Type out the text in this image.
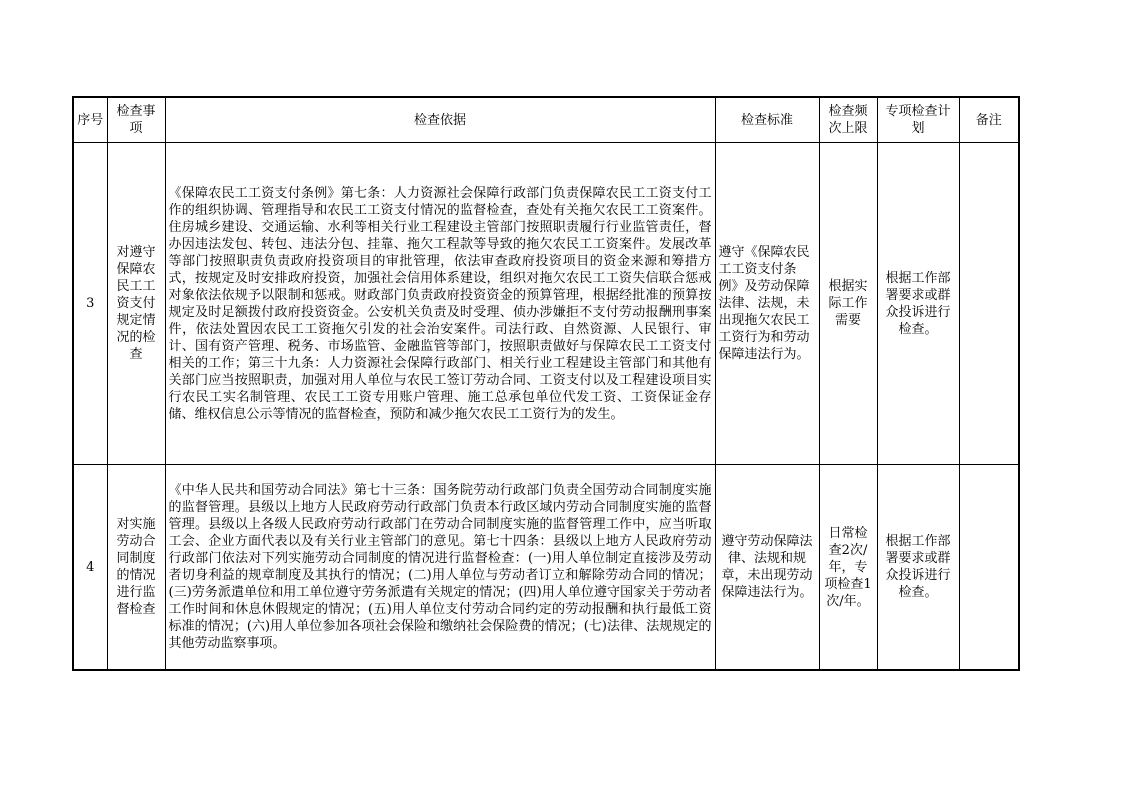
序号	检查事项	检查依据	检查标准	检查频次上限	专项检查计划	备注
3	对遵守保障农民工工资支付规定情况的检查	《保障农民工工资支付条例》第七条：人力资源社会保障行政部门负责保障农民工工资支付工作的组织协调、管理指导和农民工工资支付情况的监督检查，查处有关拖欠农民工工资案件。住房城乡建设、交通运输、水利等相关行业工程建设主管部门按照职责履行行业监管责任，督办因违法发包、转包、违法分包、挂靠、拖欠工程款等导致的拖欠农民工工资案件。发展改革等部门按照职责负责政府投资项目的审批管理，依法审查政府投资项目的资金来源和筹措方式，按规定及时安排政府投资，加强社会信用体系建设，组织对拖欠农民工工资失信联合惩戒对象依法依规予以限制和惩戒。财政部门负责政府投资资金的预算管理，根据经批准的预算按规定及时足额拨付政府投资资金。公安机关负责及时受理、侦办涉嫌拒不支付劳动报酬刑事案件，依法处置因农民工工资拖欠引发的社会治安案件。司法行政、自然资源、人民银行、审计、国有资产管理、税务、市场监管、金融监管等部门，按照职责做好与保障农民工工资支付相关的工作；第三十九条：人力资源社会保障行政部门、相关行业工程建设主管部门和其他有关部门应当按照职责，加强对用人单位与农民工签订劳动合同、工资支付以及工程建设项目实行农民工实名制管理、农民工工资专用账户管理、施工总承包单位代发工资、工资保证金存储、维权信息公示等情况的监督检查，预防和减少拖欠农民工工资行为的发生。	遵守《保障农民工工资支付条例》及劳动保障法律、法规，未出现拖欠农民工工资行为和劳动保障违法行为。	根据实际工作需要	根据工作部署要求或群众投诉进行检查。	
4	对实施劳动合同制度的情况进行监督检查	《中华人民共和国劳动合同法》第七十三条：国务院劳动行政部门负责全国劳动合同制度实施的监督管理。县级以上地方人民政府劳动行政部门负责本行政区域内劳动合同制度实施的监督管理。县级以上各级人民政府劳动行政部门在劳动合同制度实施的监督管理工作中，应当听取工会、企业方面代表以及有关行业主管部门的意见。第七十四条：县级以上地方人民政府劳动行政部门依法对下列实施劳动合同制度的情况进行监督检查：(一)用人单位制定直接涉及劳动者切身利益的规章制度及其执行的情况；(二)用人单位与劳动者订立和解除劳动合同的情况；(三)劳务派遣单位和用工单位遵守劳务派遣有关规定的情况；(四)用人单位遵守国家关于劳动者工作时间和休息休假规定的情况；(五)用人单位支付劳动合同约定的劳动报酬和执行最低工资标准的情况；(六)用人单位参加各项社会保险和缴纳社会保险费的情况；(七)法律、法规规定的其他劳动监察事项。	遵守劳动保障法律、法规和规章，未出现劳动保障违法行为。	日常检查2次/年，专项检查1次/年。	根据工作部署要求或群众投诉进行检查。	
